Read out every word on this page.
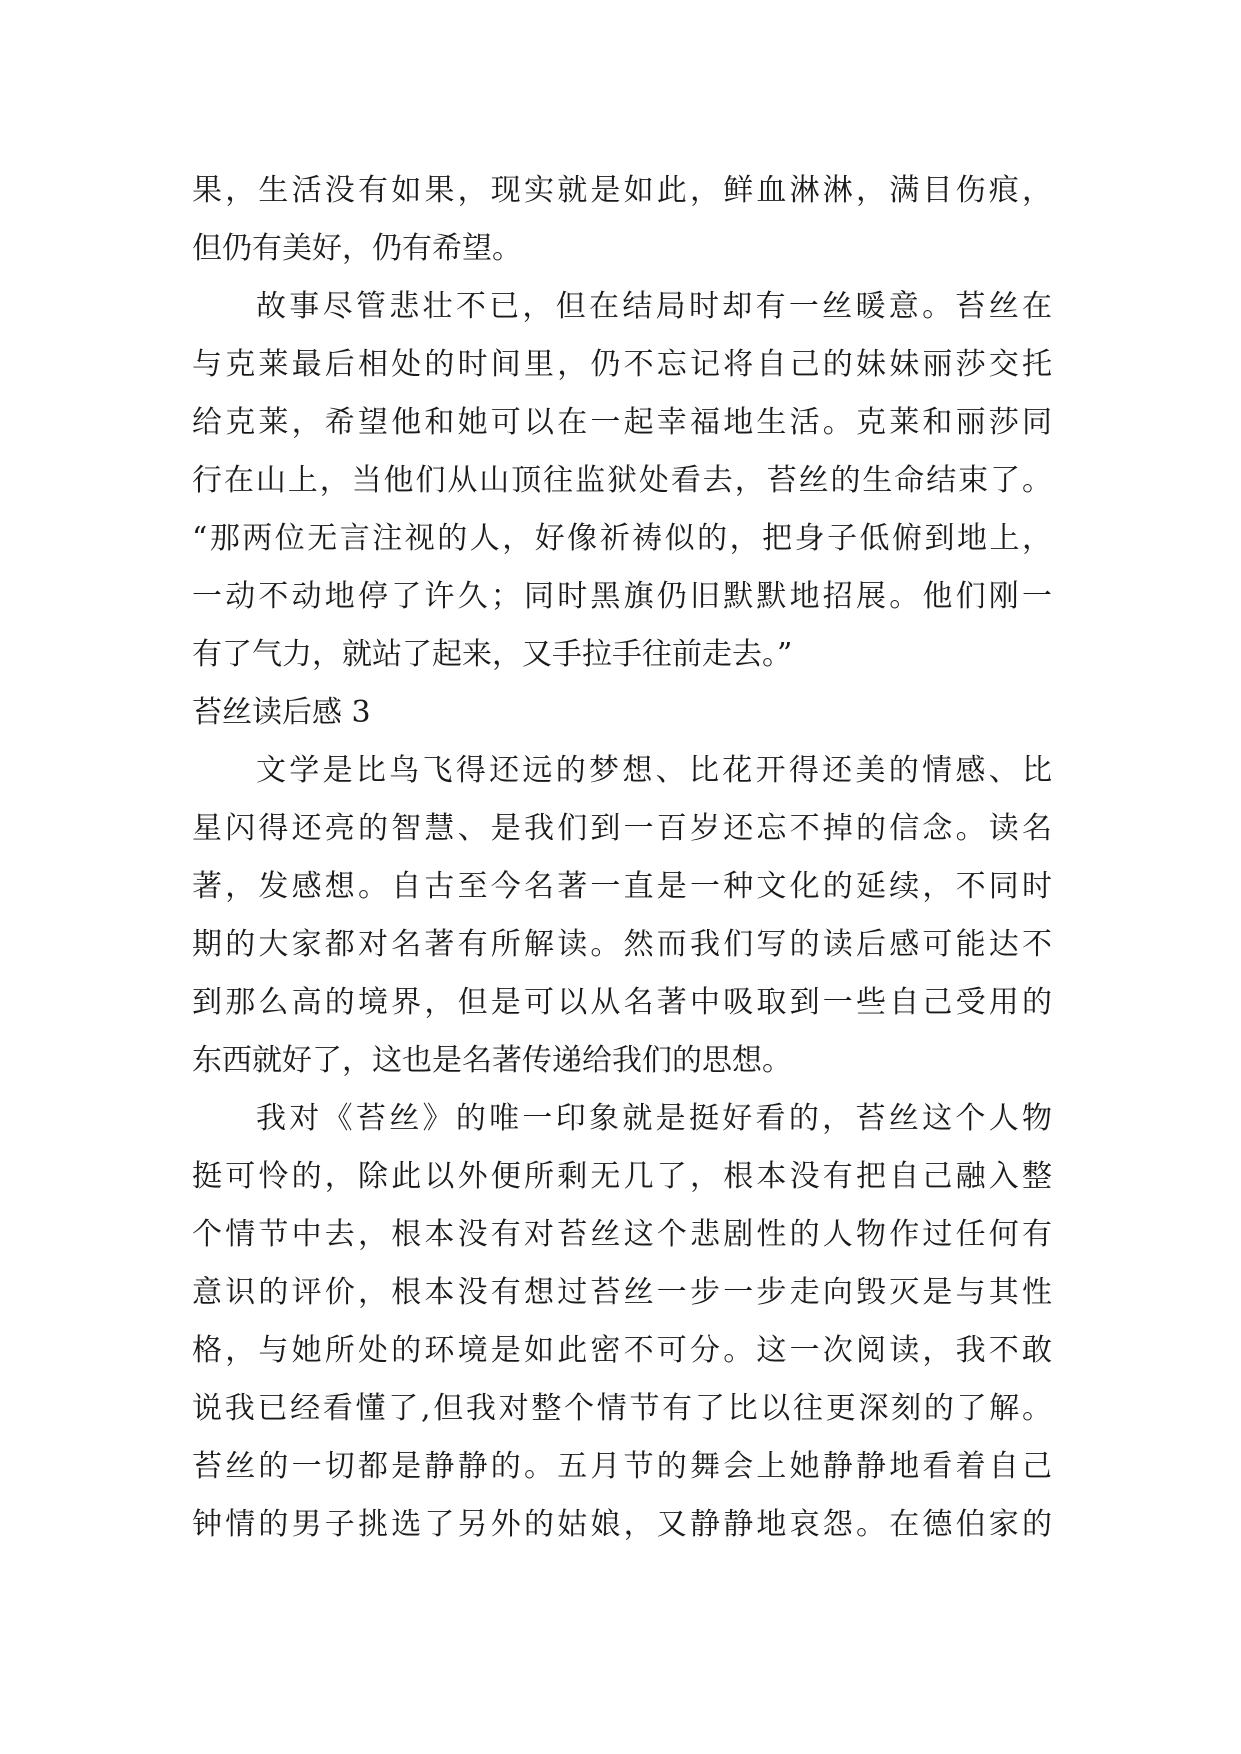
果，生活没有如果，现实就是如此，鲜血淋淋，满目伤痕，
但仍有美好，仍有希望。
故事尽管悲壮不已，但在结局时却有一丝暖意。苔丝在
与克莱最后相处的时间里，仍不忘记将自己的妹妹丽莎交托
给克莱，希望他和她可以在一起幸福地生活。克莱和丽莎同
行在山上，当他们从山顶往监狱处看去，苔丝的生命结束了。
“那两位无言注视的人，好像祈祷似的，把身子低俯到地上，
一动不动地停了许久；同时黑旗仍旧默默地招展。他们刚一
有了气力，就站了起来，又手拉手往前走去。”
苔丝读后感 3
文学是比鸟飞得还远的梦想、比花开得还美的情感、比
星闪得还亮的智慧、是我们到一百岁还忘不掉的信念。读名
著，发感想。自古至今名著一直是一种文化的延续，不同时
期的大家都对名著有所解读。然而我们写的读后感可能达不
到那么高的境界，但是可以从名著中吸取到一些自己受用的
东西就好了，这也是名著传递给我们的思想。
我对《苔丝》的唯一印象就是挺好看的，苔丝这个人物
挺可怜的，除此以外便所剩无几了，根本没有把自己融入整
个情节中去，根本没有对苔丝这个悲剧性的人物作过任何有
意识的评价，根本没有想过苔丝一步一步走向毁灭是与其性
格，与她所处的环境是如此密不可分。这一次阅读，我不敢
说我已经看懂了,但我对整个情节有了比以往更深刻的了解。
苔丝的一切都是静静的。五月节的舞会上她静静地看着自己
钟情的男子挑选了另外的姑娘，又静静地哀怨。在德伯家的
